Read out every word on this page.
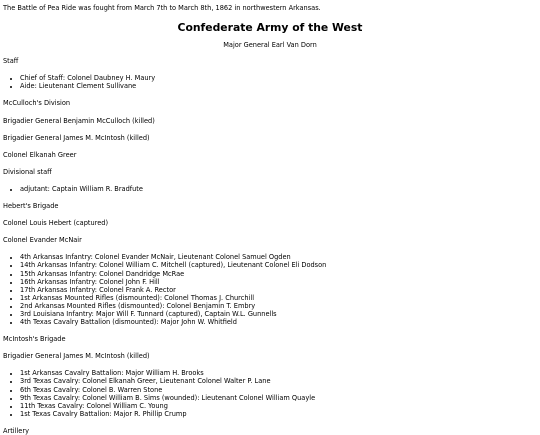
The Battle of Pea Ride was fought from March 7th to March 8th, 1862 in northwestern Arkansas.

Confederate Army of the West

Major General Earl Van Dorn

Staff

• Chief of Staff: Colonel Daubney H. Maury
• Aide: Lieutenant Clement Sullivane

McCulloch's Division

Brigadier General Benjamin McCulloch (killed)

Brigadier General James M. McIntosh (killed)

Colonel Elkanah Greer

Divisional staff

• adjutant: Captain William R. Bradfute

Hebert's Brigade

Colonel Louis Hebert (captured)

Colonel Evander McNair

• 4th Arkansas Infantry: Colonel Evander McNair, Lieutenant Colonel Samuel Ogden
• 14th Arkansas Infantry: Colonel William C. Mitchell (captured), Lieutenant Colonel Eli Dodson
• 15th Arkansas Infantry: Colonel Dandridge McRae
• 16th Arkansas Infantry: Colonel John F. Hill
• 17th Arkansas Infantry: Colonel Frank A. Rector
• 1st Arkansas Mounted Rifles (dismounted): Colonel Thomas J. Churchill
• 2nd Arkansas Mounted Rifles (dismounted): Colonel Benjamin T. Embry
• 3rd Louisiana Infantry: Major Will F. Tunnard (captured), Captain W.L. Gunnells
• 4th Texas Cavalry Battalion (dismounted): Major John W. Whitfield

McIntosh's Brigade

Brigadier General James M. McIntosh (killed)

• 1st Arkansas Cavalry Battalion: Major William H. Brooks
• 3rd Texas Cavalry: Colonel Elkanah Greer, Lieutenant Colonel Walter P. Lane
• 6th Texas Cavalry: Colonel B. Warren Stone
• 9th Texas Cavalry: Colonel William B. Sims (wounded): Lieutenant Colonel William Quayle
• 11th Texas Cavalry: Colonel William C. Young
• 1st Texas Cavalry Battalion: Major R. Phillip Crump

Artillery
